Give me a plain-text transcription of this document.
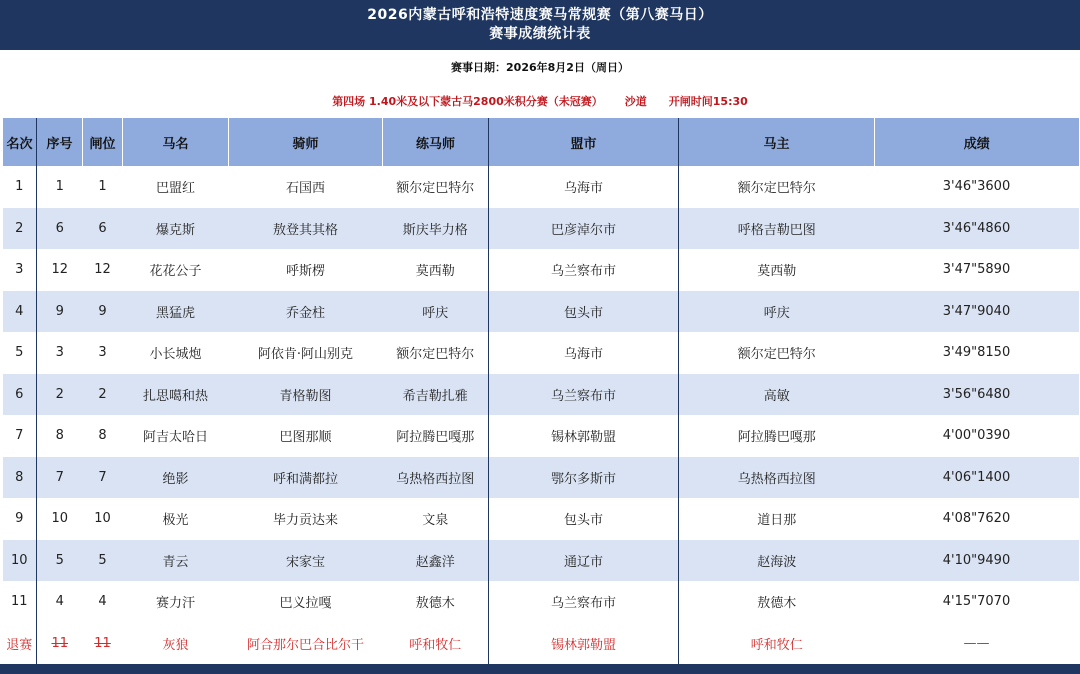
2026内蒙古呼和浩特速度赛马常规赛（第八赛马日）
赛事成绩统计表
赛事日期：2026年8月2日（周日）
第四场 1.40米及以下蒙古马2800米积分赛（未冠赛） 沙道 开闸时间15:30
名次	序号	闸位	马名	骑师	练马师	盟市	马主	成绩
1	1	1	巴盟红	石国西	额尔定巴特尔	乌海市	额尔定巴特尔	3'46"3600
2	6	6	爆克斯	敖登其其格	斯庆毕力格	巴彦淖尔市	呼格吉勒巴图	3'46"4860
3	12	12	花花公子	呼斯楞	莫西勒	乌兰察布市	莫西勒	3'47"5890
4	9	9	黑猛虎	乔金柱	呼庆	包头市	呼庆	3'47"9040
5	3	3	小长城炮	阿依肯·阿山别克	额尔定巴特尔	乌海市	额尔定巴特尔	3'49"8150
6	2	2	扎思噶和热	青格勒图	希吉勒扎雅	乌兰察布市	高敏	3'56"6480
7	8	8	阿吉太哈日	巴图那顺	阿拉腾巴嘎那	锡林郭勒盟	阿拉腾巴嘎那	4'00"0390
8	7	7	绝影	呼和满都拉	乌热格西拉图	鄂尔多斯市	乌热格西拉图	4'06"1400
9	10	10	极光	毕力贡达来	文泉	包头市	道日那	4'08"7620
10	5	5	青云	宋家宝	赵鑫洋	通辽市	赵海波	4'10"9490
11	4	4	赛力汗	巴义拉嘎	敖德木	乌兰察布市	敖德木	4'15"7070
退赛	11	11	灰狼	阿合那尔巴合比尔干	呼和牧仁	锡林郭勒盟	呼和牧仁	——
